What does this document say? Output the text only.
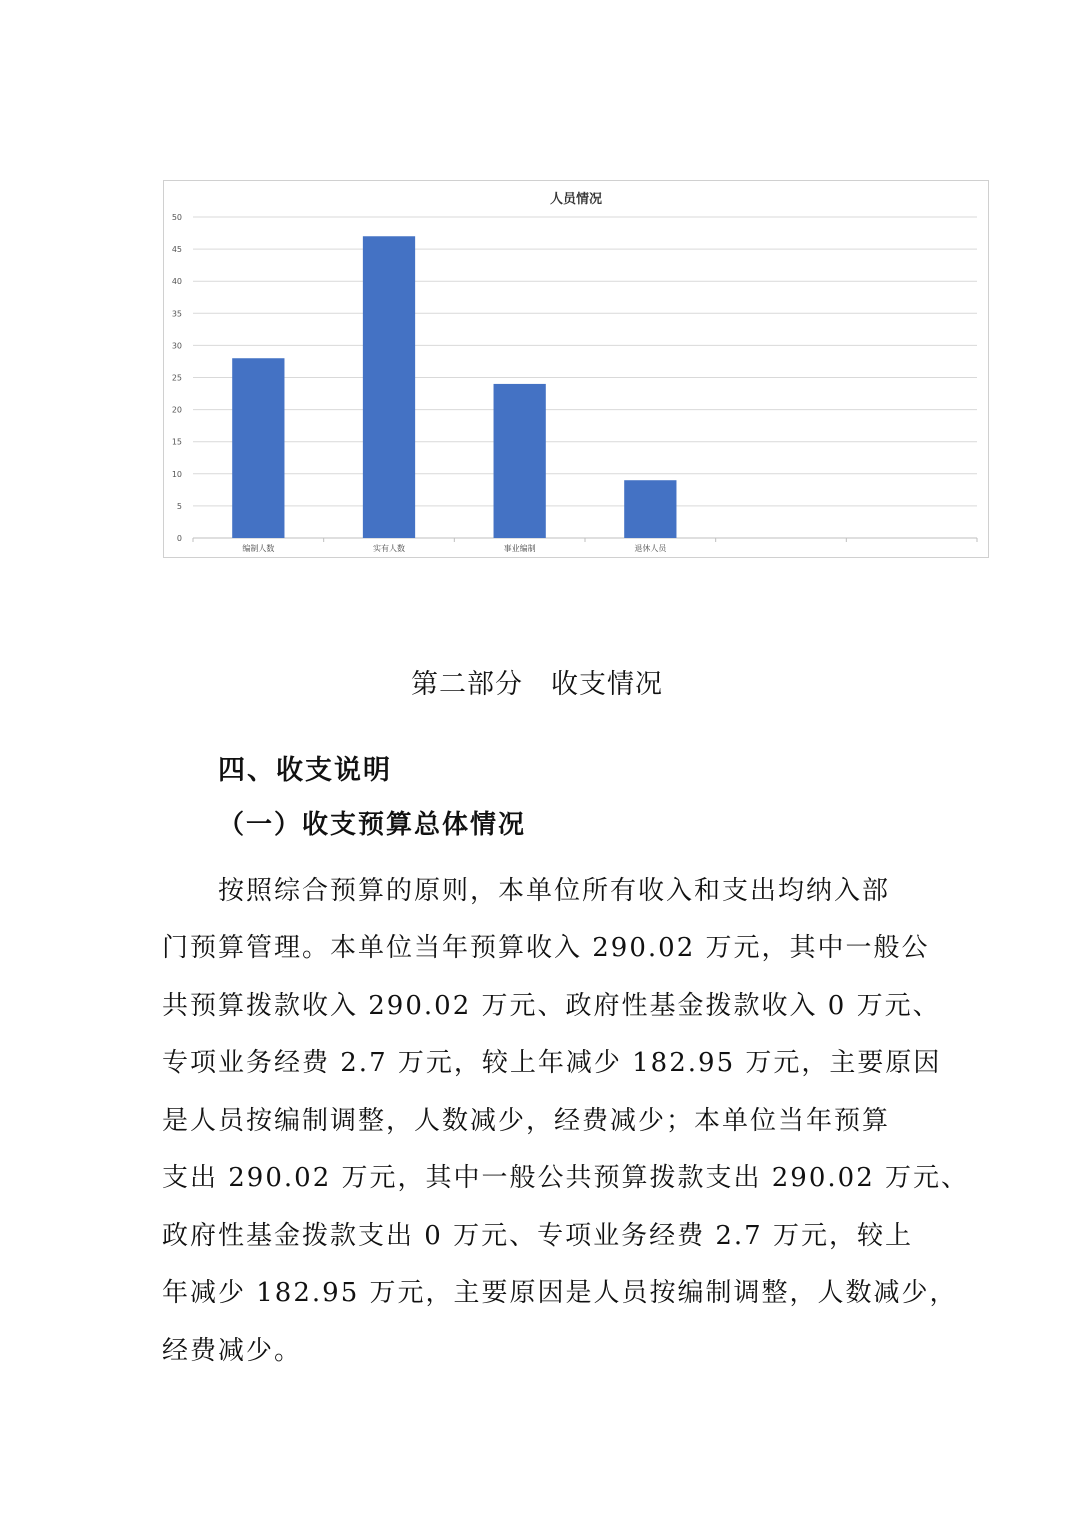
人员情况
0
5
10
15
20
25
30
35
40
45
50
编制人数	实有人数	事业编制	退休人员
第二部分　收支情况
四、收支说明
（一）收支预算总体情况
　　按照综合预算的原则，本单位所有收入和支出均纳入部
门预算管理。本单位当年预算收入 290.02 万元，其中一般公
共预算拨款收入 290.02 万元、政府性基金拨款收入 0 万元、
专项业务经费 2.7 万元，较上年减少 182.95 万元，主要原因
是人员按编制调整，人数减少，经费减少；本单位当年预算
支出 290.02 万元，其中一般公共预算拨款支出 290.02 万元、
政府性基金拨款支出 0 万元、专项业务经费 2.7 万元，较上
年减少 182.95 万元，主要原因是人员按编制调整，人数减少，
经费减少。
